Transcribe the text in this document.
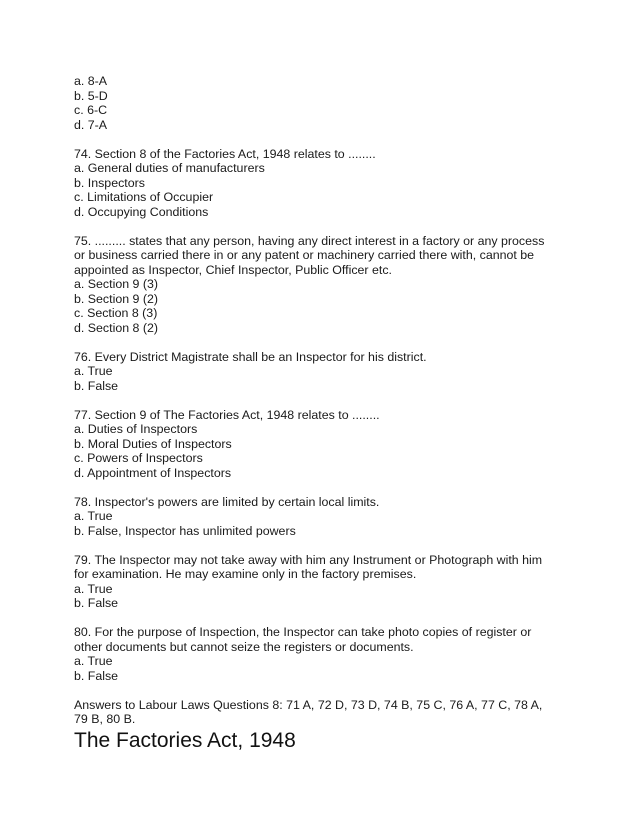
a. 8-A
b. 5-D
c. 6-C
d. 7-A
74. Section 8 of the Factories Act, 1948 relates to ........
a. General duties of manufacturers
b. Inspectors
c. Limitations of Occupier
d. Occupying Conditions
75. ......... states that any person, having any direct interest in a factory or any process
or business carried there in or any patent or machinery carried there with, cannot be
appointed as Inspector, Chief Inspector, Public Officer etc.
a. Section 9 (3)
b. Section 9 (2)
c. Section 8 (3)
d. Section 8 (2)
76. Every District Magistrate shall be an Inspector for his district.
a. True
b. False
77. Section 9 of The Factories Act, 1948 relates to ........
a. Duties of Inspectors
b. Moral Duties of Inspectors
c. Powers of Inspectors
d. Appointment of Inspectors
78. Inspector's powers are limited by certain local limits.
a. True
b. False, Inspector has unlimited powers
79. The Inspector may not take away with him any Instrument or Photograph with him
for examination. He may examine only in the factory premises.
a. True
b. False
80. For the purpose of Inspection, the Inspector can take photo copies of register or
other documents but cannot seize the registers or documents.
a. True
b. False
Answers to Labour Laws Questions 8: 71 A, 72 D, 73 D, 74 B, 75 C, 76 A, 77 C, 78 A,
79 B, 80 B.
The Factories Act, 1948
